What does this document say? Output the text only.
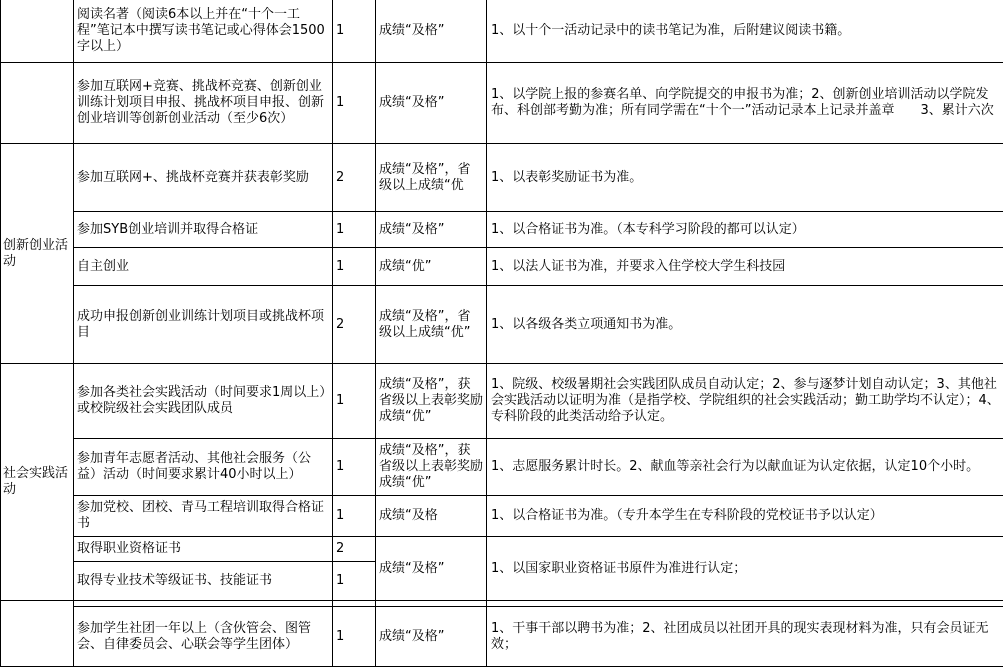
	阅读名著（阅读6本以上并在“十个一工程”笔记本中撰写读书笔记或心得体会1500字以上）	1	成绩“及格”	1、以十个一活动记录中的读书笔记为准，后附建议阅读书籍。
	参加互联网+竞赛、挑战杯竞赛、创新创业训练计划项目申报、挑战杯项目申报、创新创业培训等创新创业活动（至少6次）	1	成绩“及格”	1、以学院上报的参赛名单、向学院提交的申报书为准；2、创新创业培训活动以学院发布、科创部考勤为准；所有同学需在“十个一”活动记录本上记录并盖章　　3、累计六次
创新创业活动	参加互联网+、挑战杯竞赛并获表彰奖励	2	成绩“及格”，省级以上成绩“优	1、以表彰奖励证书为准。
	参加SYB创业培训并取得合格证	1	成绩“及格”	1、以合格证书为准。（本专科学习阶段的都可以认定）
	自主创业	1	成绩“优”	1、以法人证书为准，并要求入住学校大学生科技园
	成功申报创新创业训练计划项目或挑战杯项目	2	成绩“及格”，省级以上成绩“优”	1、以各级各类立项通知书为准。
社会实践活动	参加各类社会实践活动（时间要求1周以上）或校院级社会实践团队成员	1	成绩“及格”，获省级以上表彰奖励成绩“优”	1、院级、校级暑期社会实践团队成员自动认定；2、参与逐梦计划自动认定；3、其他社会实践活动以证明为准（是指学校、学院组织的社会实践活动；勤工助学均不认定）；4、专科阶段的此类活动给予认定。
	参加青年志愿者活动、其他社会服务（公益）活动（时间要求累计40小时以上）	1	成绩“及格”，获省级以上表彰奖励成绩“优”	1、志愿服务累计时长。2、献血等亲社会行为以献血证为认定依据，认定10个小时。
	参加党校、团校、青马工程培训取得合格证书	1	成绩“及格	1、以合格证书为准。（专升本学生在专科阶段的党校证书予以认定）
	取得职业资格证书	2	成绩“及格”	1、以国家职业资格证书原件为准进行认定；
	取得专业技术等级证书、技能证书	1		

	参加学生社团一年以上（含伙管会、图管会、自律委员会、心联会等学生团体）	1	成绩“及格”	1、干事干部以聘书为准；2、社团成员以社团开具的现实表现材料为准，只有会员证无效；
